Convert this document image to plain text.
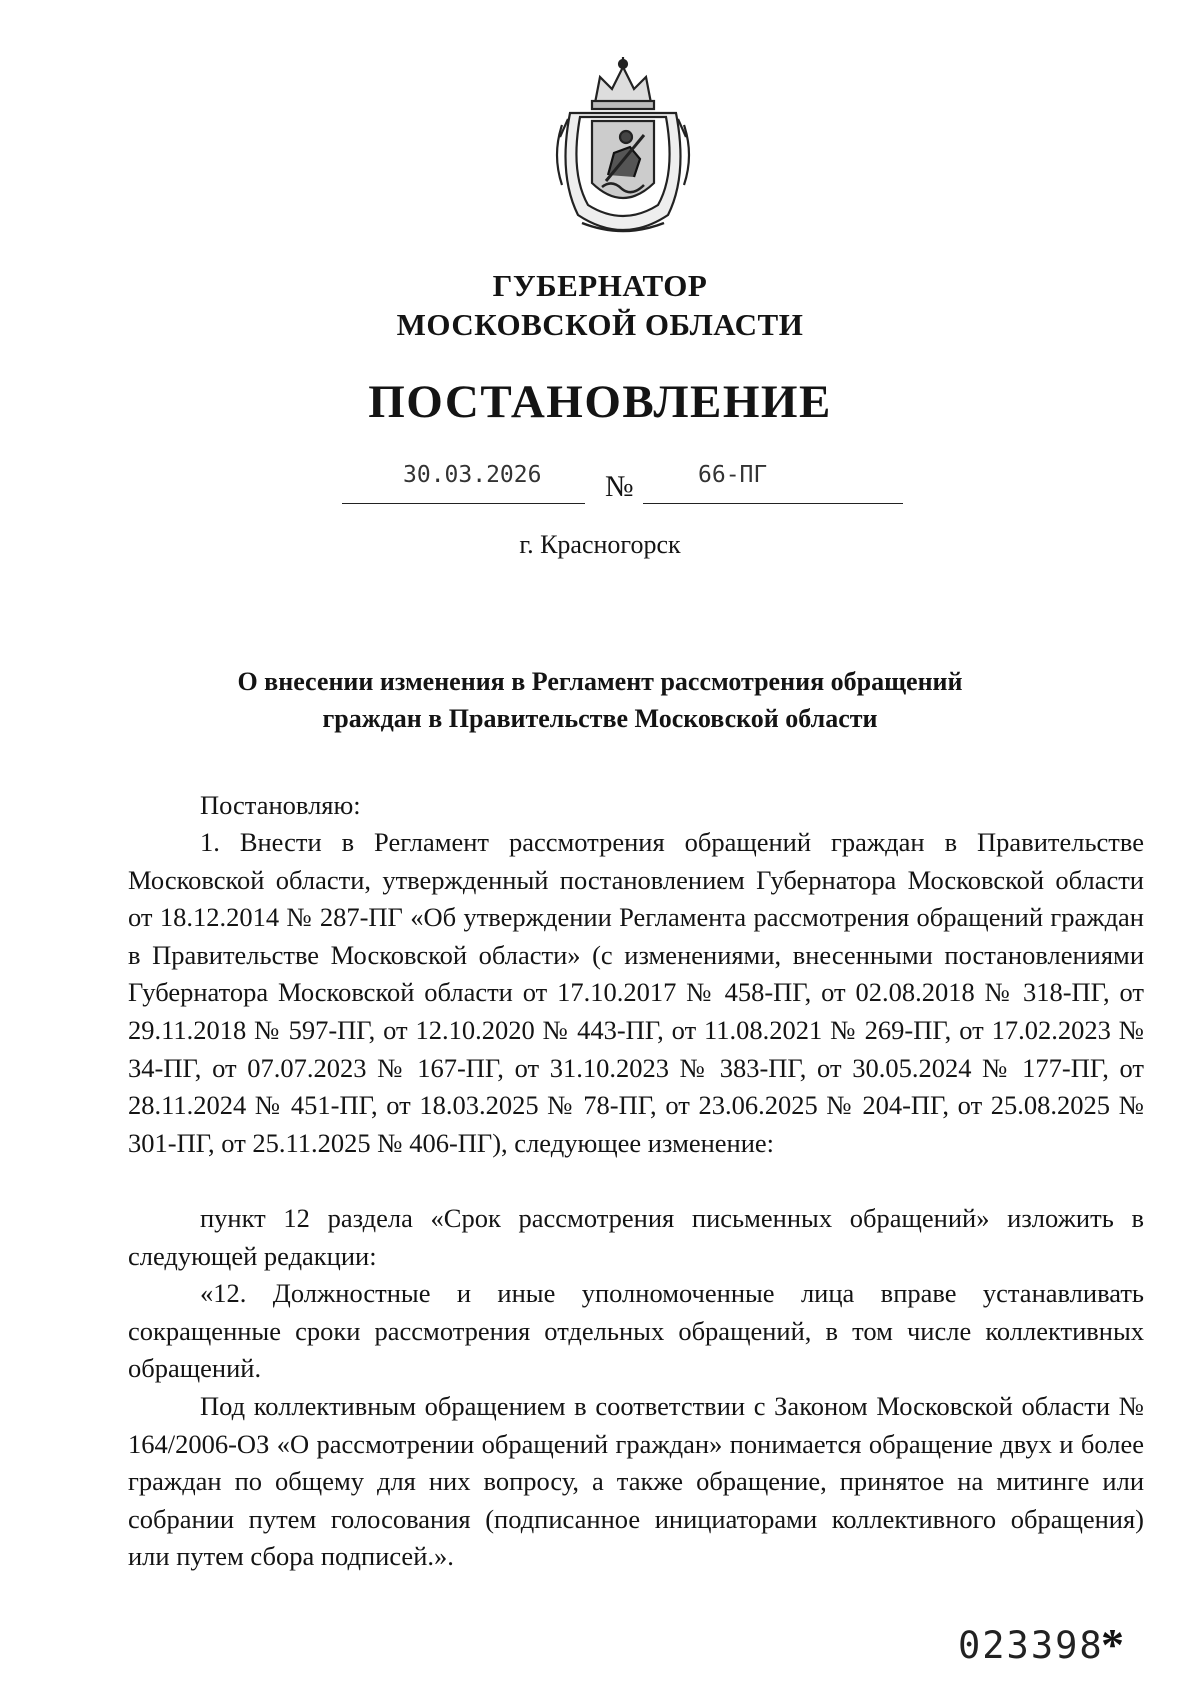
ГУБЕРНАТОР
МОСКОВСКОЙ ОБЛАСТИ
ПОСТАНОВЛЕНИЕ
30.03.2026 №	66-ПГ
г. Красногорск
О внесении изменения в Регламент рассмотрения обращений
граждан в Правительстве Московской области
Постановляю:
1. Внести в Регламент рассмотрения обращений граждан в Правительстве Московской области, утвержденный постановлением Губернатора Московской области от 18.12.2014 № 287-ПГ «Об утверждении Регламента рассмотрения обращений граждан в Правительстве Московской области» (с изменениями, внесенными постановлениями Губернатора Московской области от 17.10.2017 № 458-ПГ, от 02.08.2018 № 318-ПГ, от 29.11.2018 № 597-ПГ, от 12.10.2020 № 443-ПГ, от 11.08.2021 № 269-ПГ, от 17.02.2023 № 34-ПГ, от 07.07.2023 № 167-ПГ, от 31.10.2023 № 383-ПГ, от 30.05.2024 № 177-ПГ, от 28.11.2024 № 451-ПГ, от 18.03.2025 № 78-ПГ, от 23.06.2025 № 204-ПГ, от 25.08.2025 № 301-ПГ, от 25.11.2025 № 406-ПГ), следующее изменение:
пункт 12 раздела «Срок рассмотрения письменных обращений» изложить в следующей редакции:
«12. Должностные и иные уполномоченные лица вправе устанавливать сокращенные сроки рассмотрения отдельных обращений, в том числе коллективных обращений.
Под коллективным обращением в соответствии с Законом Московской области № 164/2006-ОЗ «О рассмотрении обращений граждан» понимается обращение двух и более граждан по общему для них вопросу, а также обращение, принятое на митинге или собрании путем голосования (подписанное инициаторами коллективного обращения) или путем сбора подписей.».
023398
*
